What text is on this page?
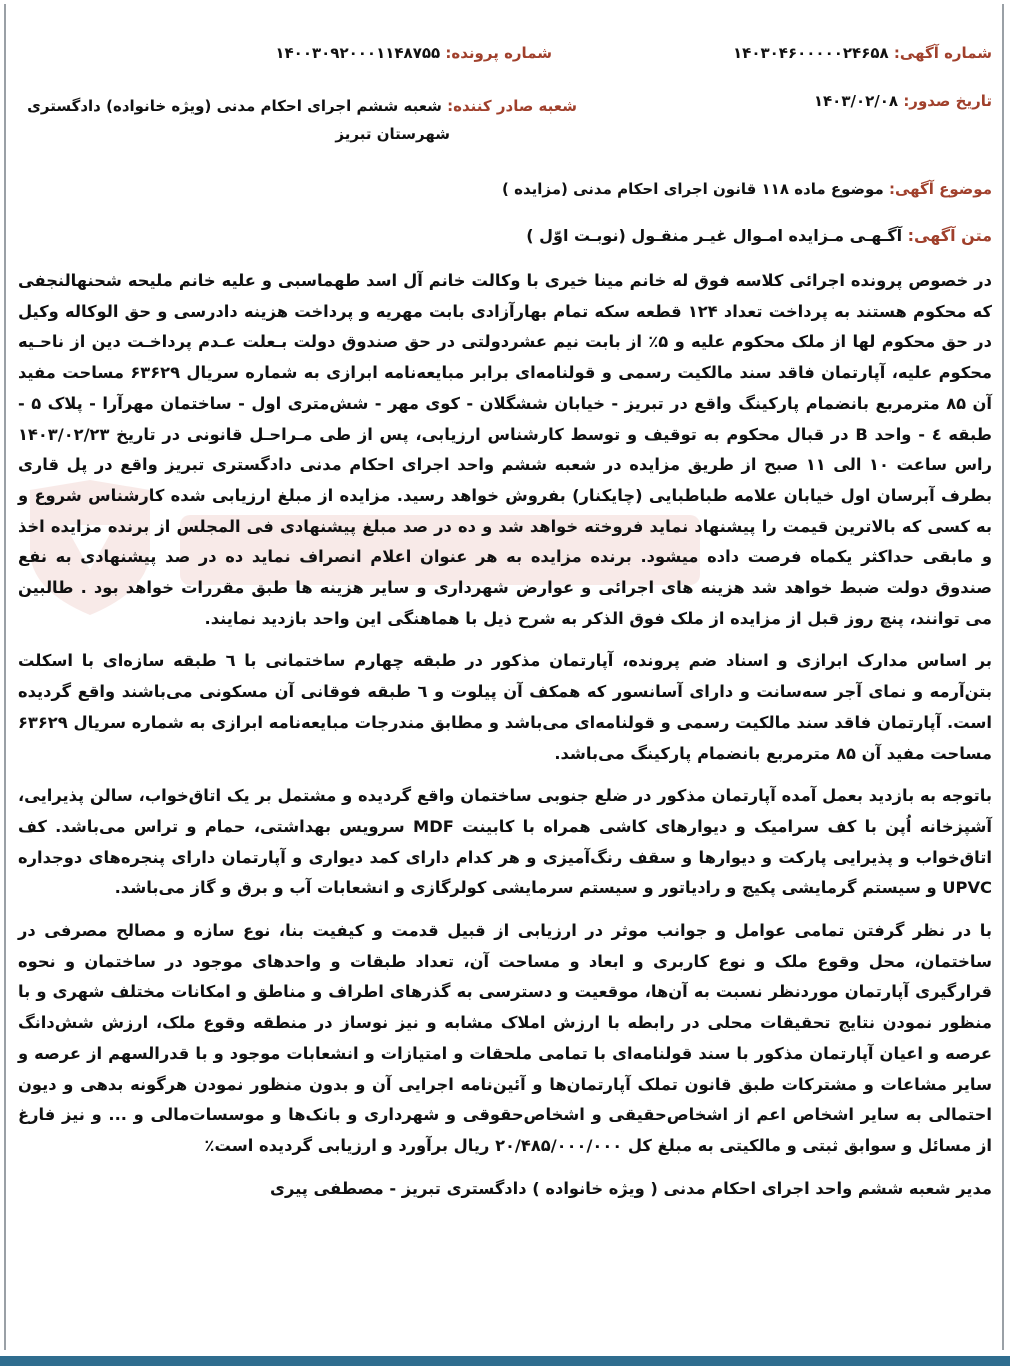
شماره آگهی: ۱۴۰۳۰۴۶۰۰۰۰۰۲۴۶۵۸
شماره پرونده: ۱۴۰۰۳۰۹۲۰۰۰۱۱۴۸۷۵۵
تاریخ صدور: ۱۴۰۳/۰۲/۰۸
شعبه صادر کننده: شعبه ششم اجرای احکام مدنی (ویژه خانواده) دادگستری
شهرستان تبریز
موضوع آگهی: موضوع ماده ۱۱۸ قانون اجرای احکام مدنی (مزایده )
متن آگهی: آگـهـی مـزایده امـوال غیـر منقـول (نوبـت اوّل )

در خصوص پرونده اجرائی کلاسه فوق له خانم مینا خیری با وکالت خانم آل اسد طهماسبی و علیه خانم ملیحه شحنهالنجفی که محکوم هستند به پرداخت تعداد ۱۲۴ قطعه سکه تمام بهارآزادی بابت مهریه و پرداخت هزینه دادرسی و حق الوکاله وکیل در حق محکوم لها از ملک محکوم علیه و ۵٪ از بابت نیم عشردولتی در حق صندوق دولت بـعلت عـدم پرداخـت دین از ناحـیه محکوم علیه، آپارتمان فاقد سند مالکیت رسمی و قولنامه‌ای برابر مبایعه‌نامه ابرازی به شماره سریال ۶۳۶۲۹ مساحت مفید آن ۸۵ مترمربع بانضمام پارکینگ واقع در تبریز - خیابان ششگلان - کوی مهر - شش‌متری اول - ساختمان مهرآرا - پلاک ۵ - طبقه ٤ - واحد B در قبال محکوم به توقیف و توسط کارشناس ارزیابی، پس از طی مـراحـل قانونی در تاریخ ۱۴۰۳/۰۲/۲۳ راس ساعت ۱۰ الی ۱۱ صبح از طریق مزایده در شعبه ششم واحد اجرای احکام مدنی دادگستری تبریز واقع در پل قاری بطرف آبرسان اول خیابان علامه طباطبایی (چایکنار) بفروش خواهد رسید. مزایده از مبلغ ارزیابی شده کارشناس شروع و به کسی که بالاترین قیمت را پیشنهاد نماید فروخته خواهد شد و ده در صد مبلغ پیشنهادی فی المجلس از برنده مزایده اخذ و مابقی حداکثر یکماه فرصت داده میشود. برنده مزایده به هر عنوان اعلام انصراف نماید ده در صد پیشنهادی به نفع صندوق دولت ضبط خواهد شد هزینه های اجرائی و عوارض شهرداری و سایر هزینه ها طبق مقررات خواهد بود . طالبین می توانند، پنچ روز قبل از مزایده از ملک فوق الذکر به شرح ذیل با هماهنگی این واحد بازدید نمایند.

بر اساس مدارک ابرازی و اسناد ضم پرونده، آپارتمان مذکور در طبقه چهارم ساختمانی با ٦ طبقه سازه‌ای با اسکلت بتن‌آرمه و نمای آجر سه‌سانت و دارای آسانسور که همکف آن پیلوت و ٦ طبقه فوقانی آن مسکونی می‌باشند واقع گردیده است. آپارتمان فاقد سند مالکیت رسمی و قولنامه‌ای می‌باشد و مطابق مندرجات مبایعه‌نامه ابرازی به شماره سریال ۶۳۶۲۹ مساحت مفید آن ۸۵ مترمربع بانضمام پارکینگ می‌باشد.

باتوجه به بازدید بعمل آمده آپارتمان مذکور در ضلع جنوبی ساختمان واقع گردیده و مشتمل بر یک اتاق‌خواب، سالن پذیرایی، آشپزخانه اُپن با کف سرامیک و دیوارهای کاشی همراه با کابینت MDF سرویس بهداشتی، حمام و تراس می‌باشد. کف اتاق‌خواب و پذیرایی پارکت و دیوارها و سقف رنگ‌آمیزی و هر کدام دارای کمد دیواری و آپارتمان دارای پنجره‌های دوجداره UPVC و سیستم گرمایشی پکیج و رادیاتور و سیستم سرمایشی کولرگازی و انشعابات آب و برق و گاز می‌باشد.

با در نظر گرفتن تمامی عوامل و جوانب موثر در ارزیابی از قبیل قدمت و کیفیت بنا، نوع سازه و مصالح مصرفی در ساختمان، محل وقوع ملک و نوع کاربری و ابعاد و مساحت آن، تعداد طبقات و واحدهای موجود در ساختمان و نحوه قرارگیری آپارتمان موردنظر نسبت به آن‌ها، موقعیت و دسترسی به گذرهای اطراف و مناطق و امکانات مختلف شهری و با منظور نمودن نتایج تحقیقات محلی در رابطه با ارزش املاک مشابه و نیز نوساز در منطقه وقوع ملک، ارزش شش‌دانگ عرصه و اعیان آپارتمان مذکور با سند قولنامه‌ای با تمامی ملحقات و امتیازات و انشعابات موجود و با قدرالسهم از عرصه و سایر مشاعات و مشترکات طبق قانون تملک آپارتمان‌ها و آئین‌نامه اجرایی آن و بدون منظور نمودن هرگونه بدهی و دیون احتمالی به سایر اشخاص اعم از اشخاص‌حقیقی و اشخاص‌حقوقی و شهرداری و بانک‌ها و موسسات‌مالی و ... و نیز فارغ از مسائل و سوابق ثبتی و مالکیتی به مبلغ کل ۲۰/۴۸۵/۰۰۰/۰۰۰ ریال برآورد و ارزیابی گردیده است٪

مدیر شعبه ششم واحد اجرای احکام مدنی ( ویژه خانواده ) دادگستری تبریز - مصطفی پیری
